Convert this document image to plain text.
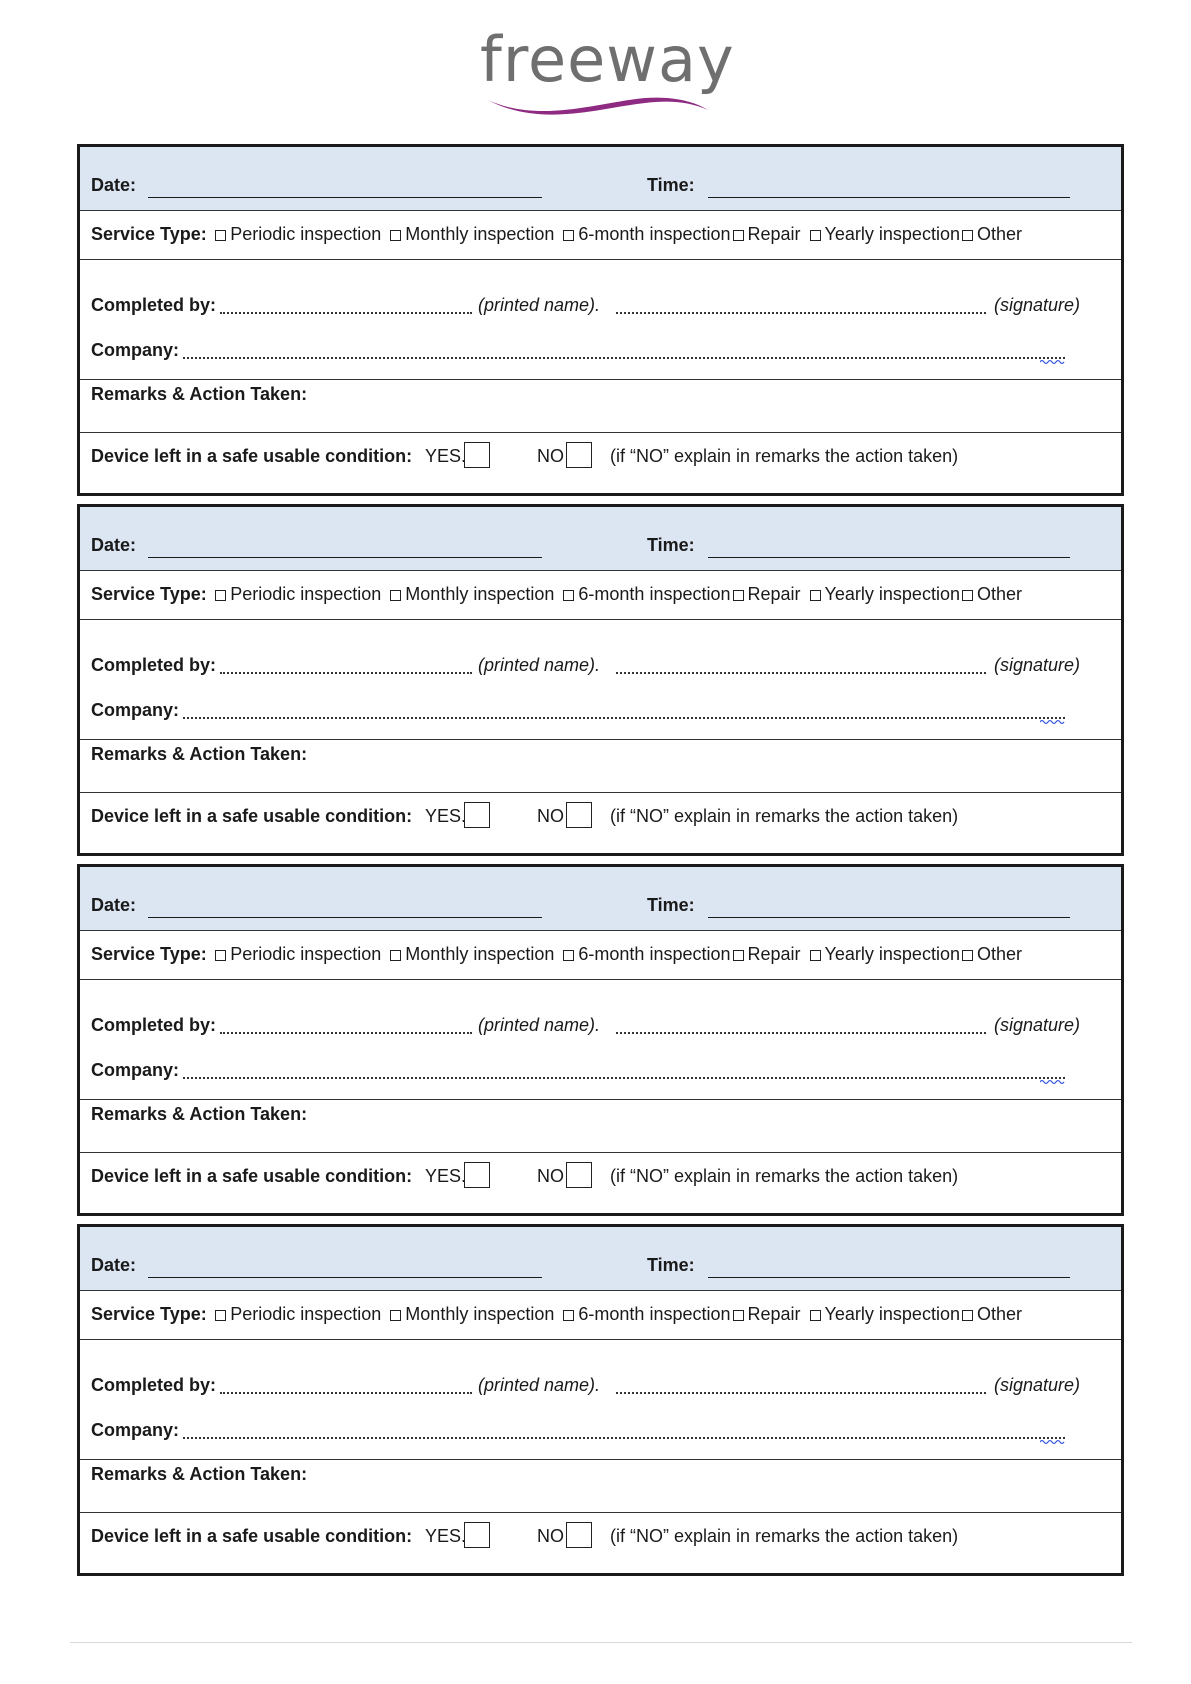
freeway
Date:	Time:
Service Type: Periodic inspection Monthly inspection 6-month inspection Repair Yearly inspection Other
Completed by:	(printed name).	(signature)
Company:
Remarks & Action Taken:
Device left in a safe usable condition: YES.	NO	(if “NO” explain in remarks the action taken)
Date:	Time:
Service Type: Periodic inspection Monthly inspection 6-month inspection Repair Yearly inspection Other
Completed by:	(printed name).	(signature)
Company:
Remarks & Action Taken:
Device left in a safe usable condition: YES.	NO	(if “NO” explain in remarks the action taken)
Date:	Time:
Service Type: Periodic inspection Monthly inspection 6-month inspection Repair Yearly inspection Other
Completed by:	(printed name).	(signature)
Company:
Remarks & Action Taken:
Device left in a safe usable condition: YES.	NO	(if “NO” explain in remarks the action taken)
Date:	Time:
Service Type: Periodic inspection Monthly inspection 6-month inspection Repair Yearly inspection Other
Completed by:	(printed name).	(signature)
Company:
Remarks & Action Taken:
Device left in a safe usable condition: YES.	NO	(if “NO” explain in remarks the action taken)
